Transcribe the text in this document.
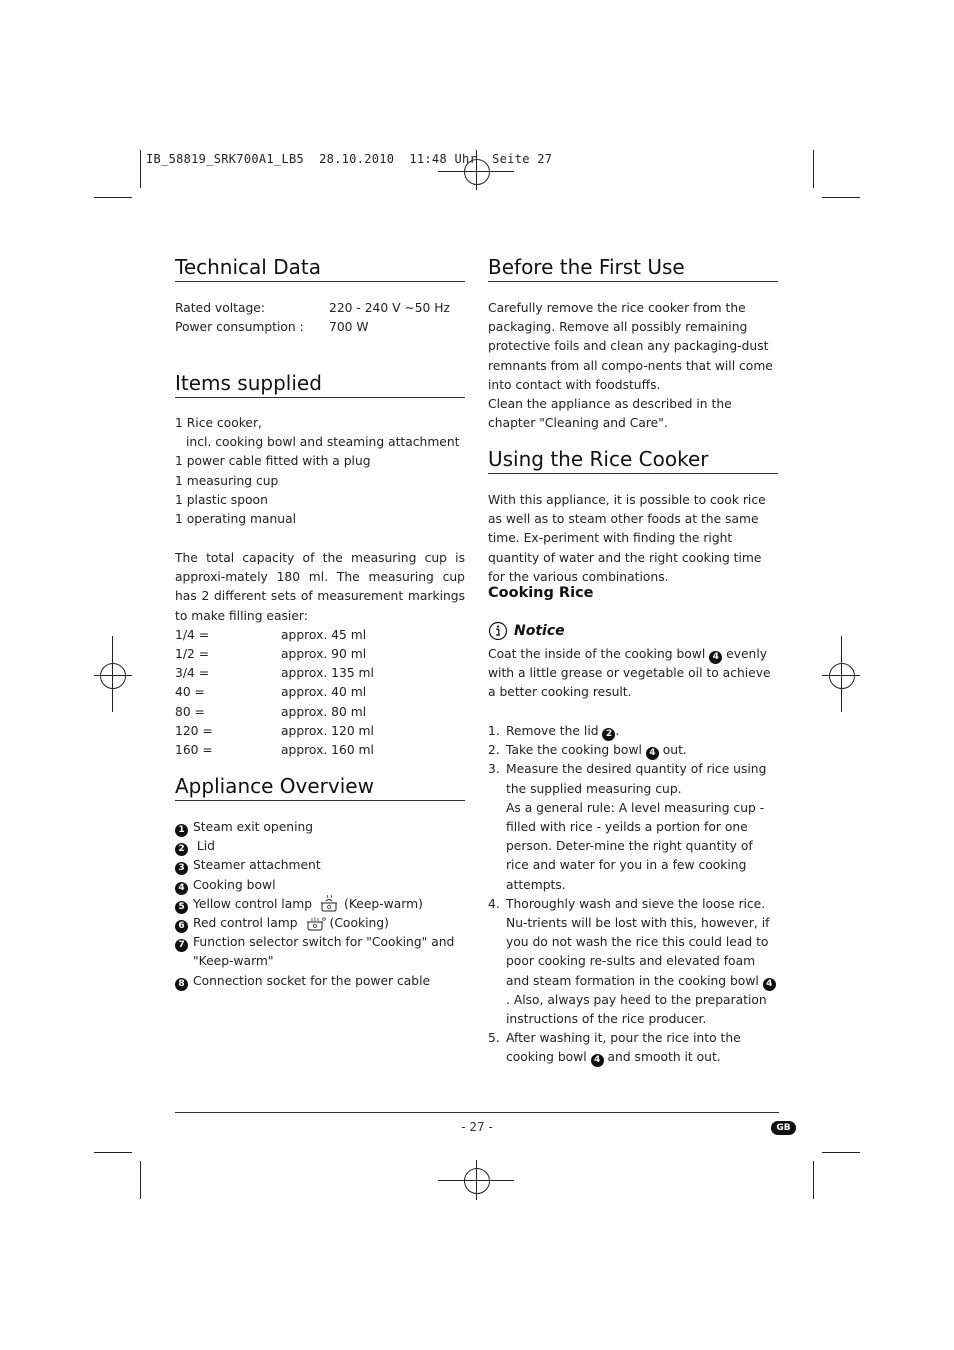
IB_58819_SRK700A1_LB5  28.10.2010  11:48 Uhr  Seite 27
Technical Data
Rated voltage:	220 - 240 V ~50 Hz
Power consumption :	700 W
Items supplied
1 Rice cooker,
incl. cooking bowl and steaming attachment
1 power cable fitted with a plug
1 measuring cup
1 plastic spoon
1 operating manual

The total capacity of the measuring cup is approxi-mately 180 ml. The measuring cup has 2 different sets of measurement markings to make filling easier:

1/4 =	approx. 45 ml
1/2 =	approx. 90 ml
3/4 =	approx. 135 ml
40 =	approx. 40 ml
80 =	approx. 80 ml
120 =	approx. 120 ml
160 =	approx. 160 ml
Appliance Overview
1 Steam exit opening
2 Lid
3 Steamer attachment
4 Cooking bowl
5 Yellow control lamp	(Keep-warm)
6 Red control lamp	(Cooking)
7 Function selector switch for "Cooking" and "Keep-warm"
8 Connection socket for the power cable
Before the First Use

Carefully remove the rice cooker from the packaging. Remove all possibly remaining protective foils and clean any packaging-dust remnants from all compo-nents that will come into contact with foodstuffs.

Clean the appliance as described in the chapter "Cleaning and Care".

Using the Rice Cooker

With this appliance, it is possible to cook rice as well as to steam other foods at the same time. Ex-periment with finding the right quantity of water and the right cooking time for the various combinations.

Cooking Rice
Notice
Coat the inside of the cooking bowl 4 evenly with a little grease or vegetable oil to achieve a better cooking result.
1. Remove the lid 2 .
2. Take the cooking bowl 4 out.
3. Measure the desired quantity of rice using the supplied measuring cup.
As a general rule: A level measuring cup - filled with rice - yeilds a portion for one person. Deter-mine the right quantity of rice and water for you in a few cooking attempts.
4. Thoroughly wash and sieve the loose rice. Nu-trients will be lost with this, however, if you do not wash the rice this could lead to poor cooking re-sults and elevated foam and steam formation in the cooking bowl 4. Also, always pay heed to the preparation instructions of the rice producer.
5. After washing it, pour the rice into the cooking bowl 4 and smooth it out.
- 27 -	GB
